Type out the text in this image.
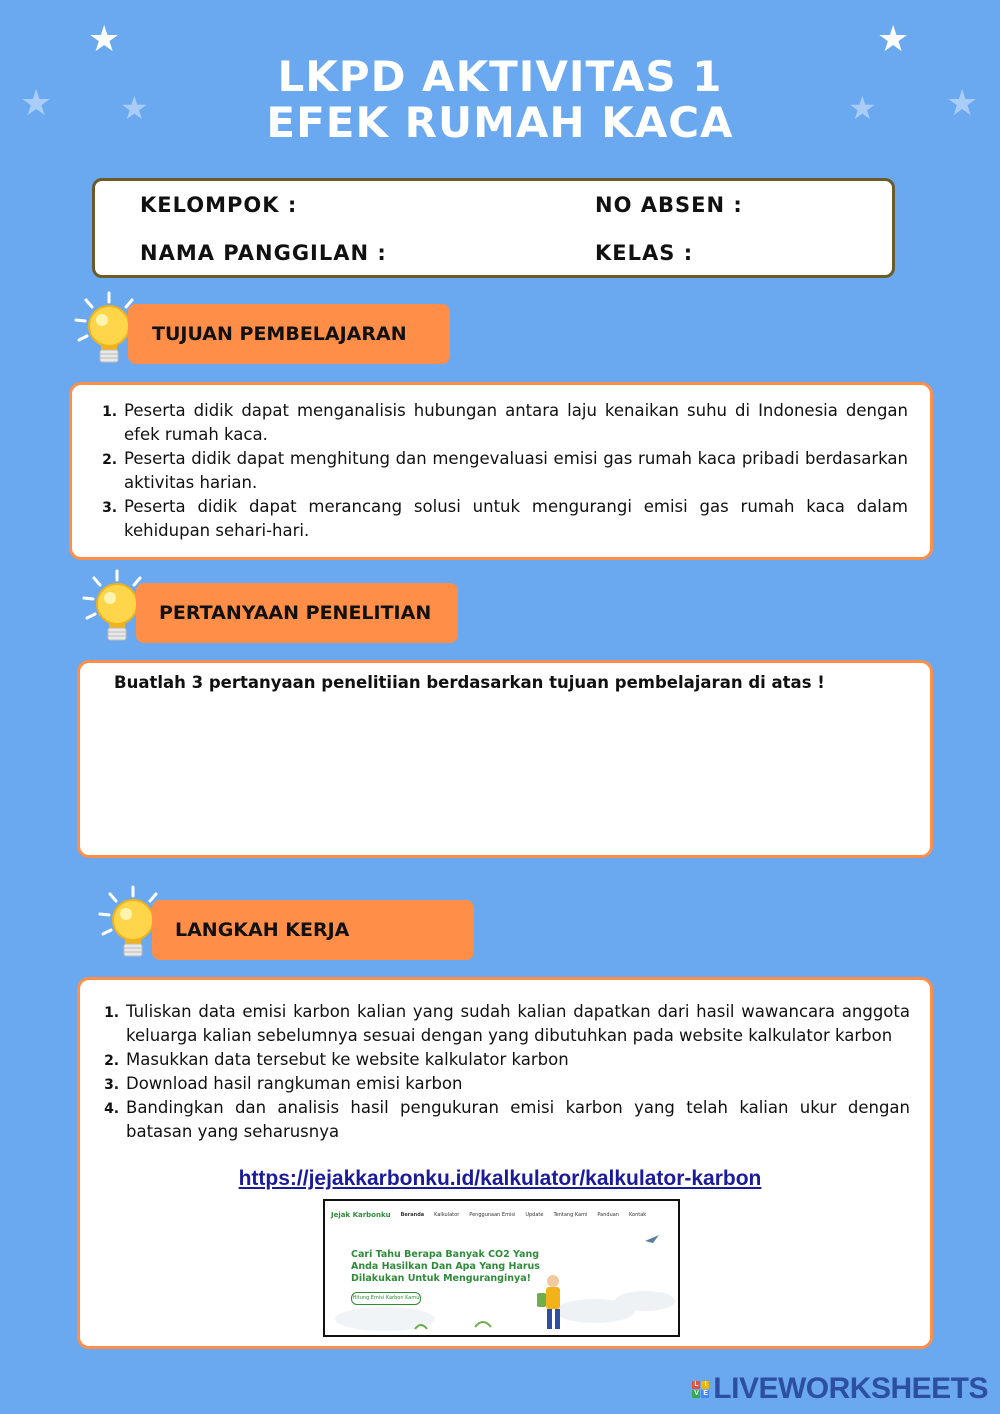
★
★ ★
★
★ ★
LKPD AKTIVITAS 1
EFEK RUMAH KACA
KELOMPOK :	NO ABSEN :
NAMA PANGGILAN :	KELAS :
TUJUAN PEMBELAJARAN
1. Peserta didik dapat menganalisis hubungan antara laju kenaikan suhu di Indonesia dengan efek rumah kaca.
2. Peserta didik dapat menghitung dan mengevaluasi emisi gas rumah kaca pribadi berdasarkan aktivitas harian.
3. Peserta didik dapat merancang solusi untuk mengurangi emisi gas rumah kaca dalam kehidupan sehari-hari.
PERTANYAAN PENELITIAN
Buatlah 3 pertanyaan penelitiian berdasarkan tujuan pembelajaran di atas !
LANGKAH KERJA
1. Tuliskan data emisi karbon kalian yang sudah kalian dapatkan dari hasil wawancara anggota keluarga kalian sebelumnya sesuai dengan yang dibutuhkan pada website kalkulator karbon
2. Masukkan data tersebut ke website kalkulator karbon
3. Download hasil rangkuman emisi karbon
4. Bandingkan dan analisis hasil pengukuran emisi karbon yang telah kalian ukur dengan batasan yang seharusnya
https://jejakkarbonku.id/kalkulator/kalkulator-karbon
Jejak Karbonku Beranda Kalkulator Penggunaan Emisi Update Tentang Kami Panduan Kontak
Cari Tahu Berapa Banyak CO2 Yang Anda Hasilkan Dan Apa Yang Harus Dilakukan Untuk Menguranginya!
Hitung Emisi Karbon Kamu
L I
V E LIVEWORKSHEETS
